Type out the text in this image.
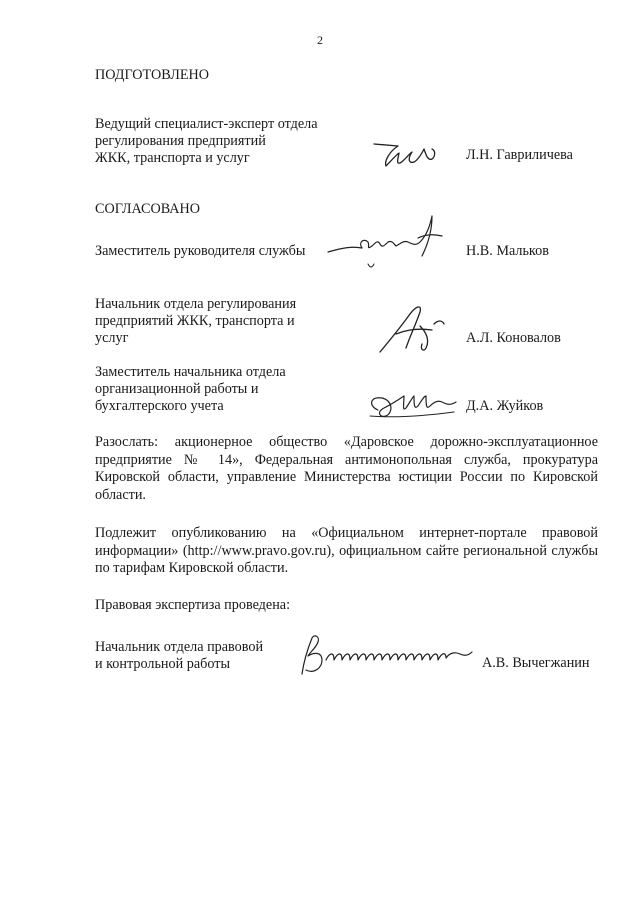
2
ПОДГОТОВЛЕНО
Ведущий специалист-эксперт отдела
регулирования предприятий
ЖКК, транспорта и услуг	Л.Н. Гавриличева
СОГЛАСОВАНО
Заместитель руководителя службы	Н.В. Мальков
Начальник отдела регулирования
предприятий ЖКК, транспорта и
услуг	А.Л. Коновалов
Заместитель начальника отдела
организационной работы и
бухгалтерского учета	Д.А. Жуйков
Разослать: акционерное общество «Даровское дорожно-эксплуатационное предприятие № 14», Федеральная антимонопольная служба, прокуратура Кировской области, управление Министерства юстиции России по Кировской области.
Подлежит опубликованию на «Официальном интернет-портале правовой информации» (http://www.pravo.gov.ru), официальном сайте региональной службы по тарифам Кировской области.
Правовая экспертиза проведена:
Начальник отдела правовой
и контрольной работы	А.В. Вычегжанин
